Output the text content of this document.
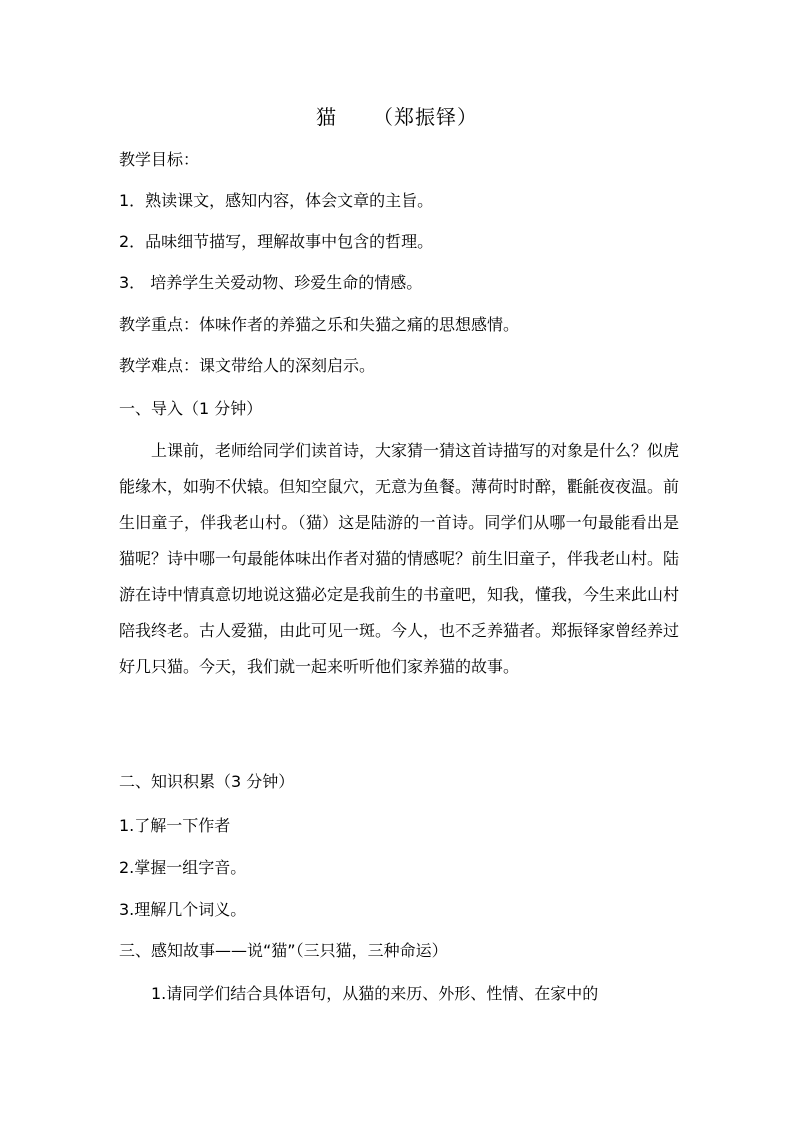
猫 （郑振铎）
教学目标：
1．熟读课文，感知内容，体会文章的主旨。
2．品味细节描写，理解故事中包含的哲理。
3． 培养学生关爱动物、珍爱生命的情感。
教学重点：体味作者的养猫之乐和失猫之痛的思想感情。
教学难点：课文带给人的深刻启示。
一、导入（1 分钟）

上课前，老师给同学们读首诗，大家猜一猜这首诗描写的对象是什么？似虎能缘木，如驹不伏辕。但知空鼠穴，无意为鱼餐。薄荷时时醉，氍毹夜夜温。前生旧童子，伴我老山村。（猫）这是陆游的一首诗。同学们从哪一句最能看出是猫呢？诗中哪一句最能体味出作者对猫的情感呢？前生旧童子，伴我老山村。陆游在诗中情真意切地说这猫必定是我前生的书童吧，知我，懂我，今生来此山村陪我终老。古人爱猫，由此可见一斑。今人，也不乏养猫者。郑振铎家曾经养过好几只猫。今天，我们就一起来听听他们家养猫的故事。

二、知识积累（3 分钟）
1.了解一下作者
2.掌握一组字音。
3.理解几个词义。
三、感知故事——说“猫”（三只猫，三种命运）
1.请同学们结合具体语句，从猫的来历、外形、性情、在家中的
